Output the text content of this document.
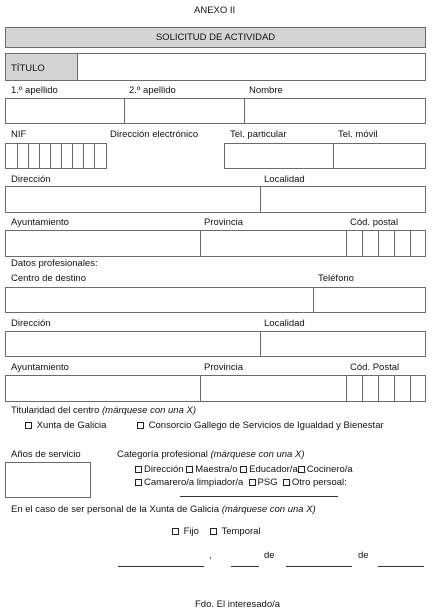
ANEXO II
SOLICITUD DE ACTIVIDAD
TÍTULO
1.º apellido	2.º apellido	Nombre
NIF	Dirección electrónico	Tel. particular	Tel. móvil
Dirección	Localidad
Ayuntamiento	Provincia	Cód. postal
Datos profesionales:
Centro de destino	Teléfono
Dirección	Localidad
Ayuntamiento	Provincia	Cód. Postal
Titularidad del centro (márquese con una X)
Xunta de Galicia	Consorcio Gallego de Servicios de Igualdad y Bienestar
Años de servicio	Categoría profesional (márquese con una X)
Dirección Maestra/o Educador/a Cocinero/a
Camarero/a limpiador/a PSG Otro persoal:
En el caso de ser personal de la Xunta de Galicia (márquese con una X)
Fijo	Temporal
,	de	de
Fdo. El interesado/a
